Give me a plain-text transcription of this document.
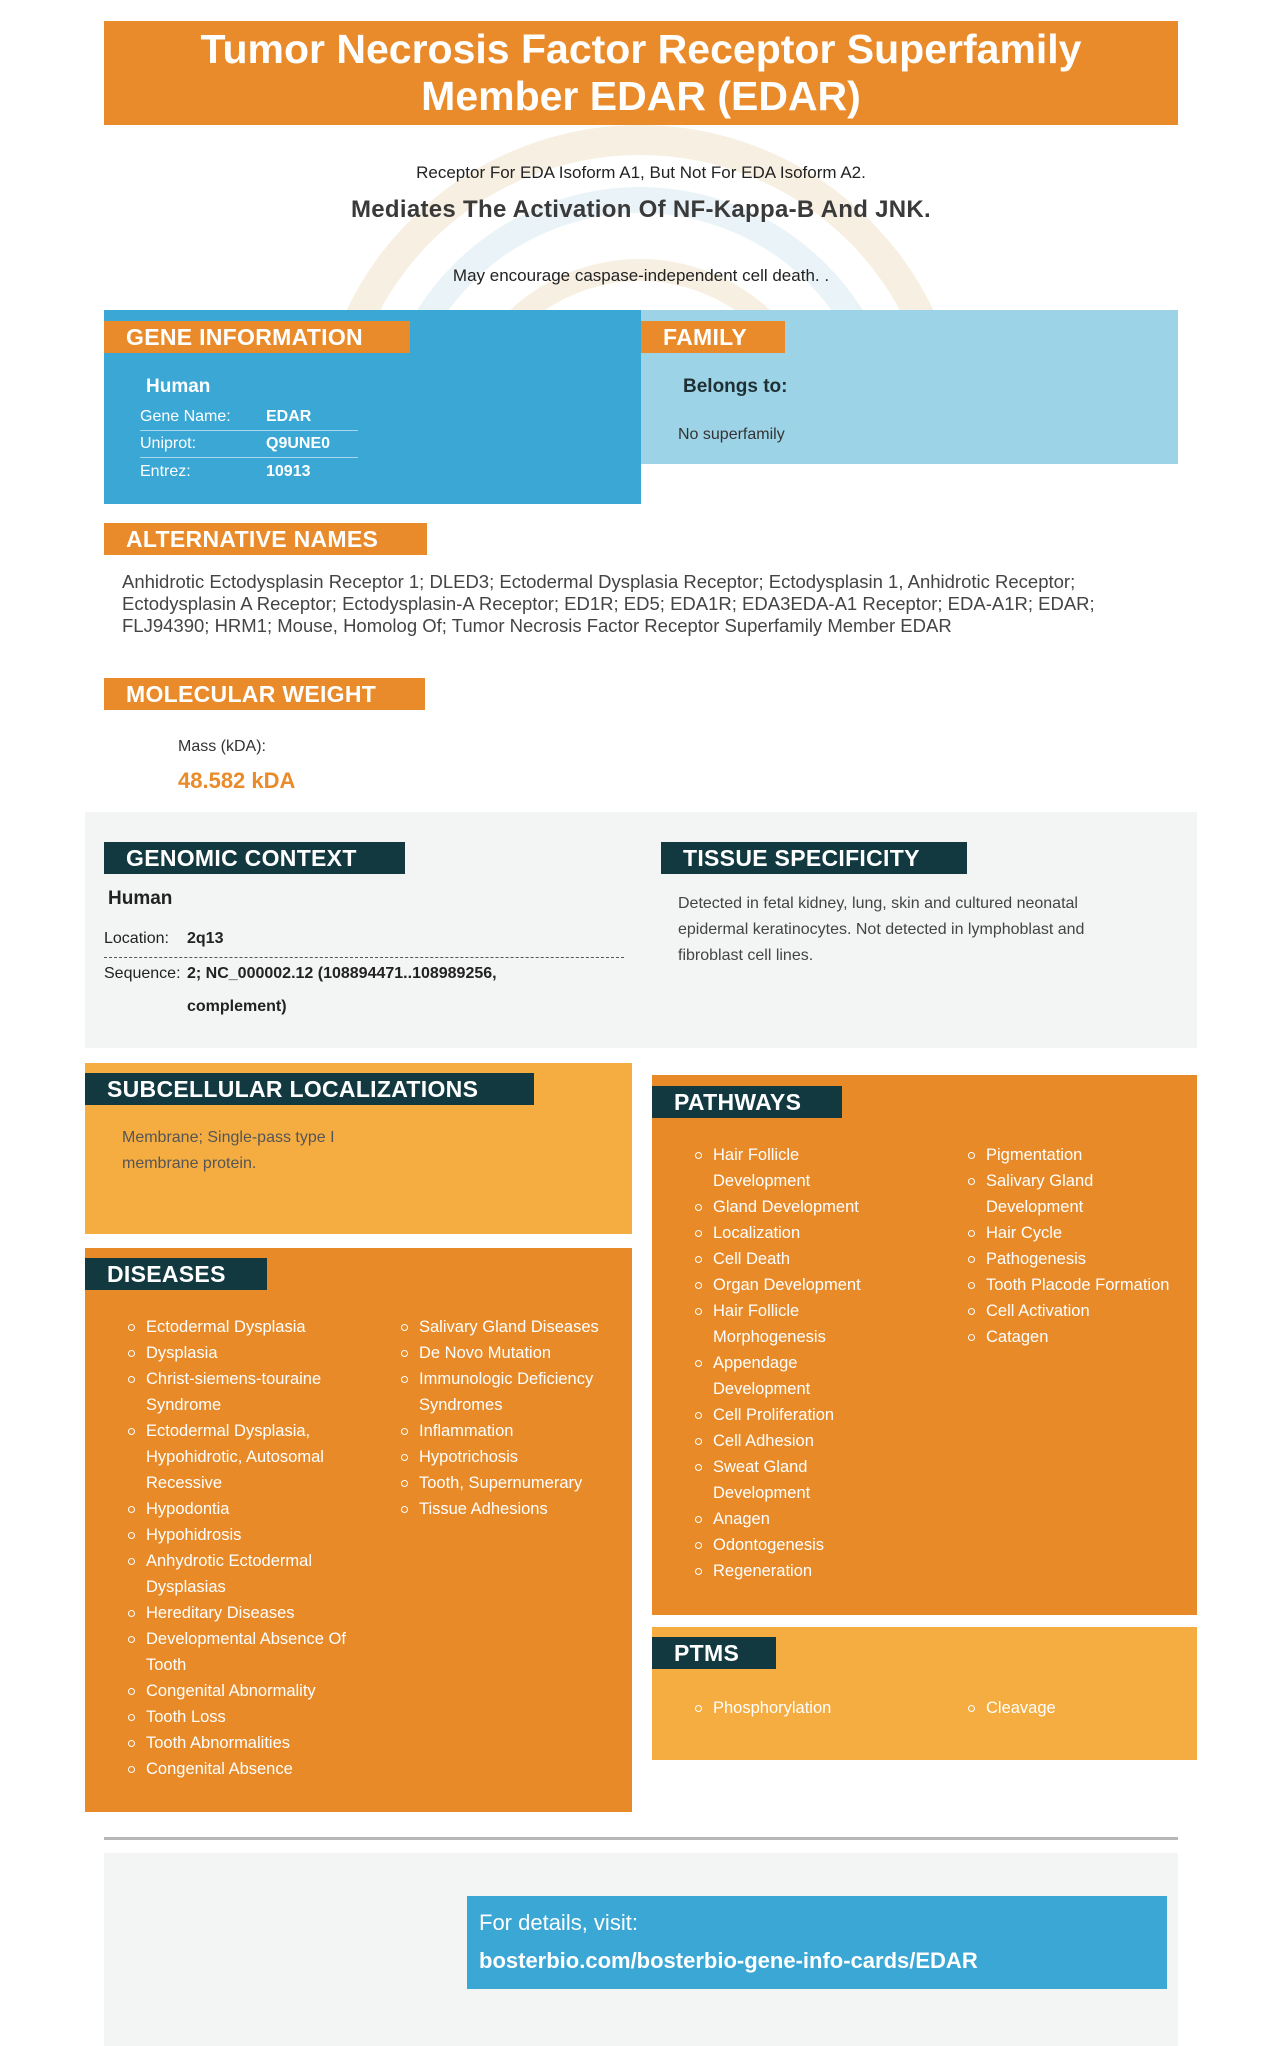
Tumor Necrosis Factor Receptor Superfamily Member EDAR (EDAR)
Receptor For EDA Isoform A1, But Not For EDA Isoform A2.
Mediates The Activation Of NF-Kappa-B And JNK.
May encourage caspase-independent cell death. .
Human
Gene Name:	EDAR
Uniprot:	Q9UNE0
Entrez:	10913
GENE INFORMATION
Belongs to:
No superfamily
FAMILY
ALTERNATIVE NAMES
Anhidrotic Ectodysplasin Receptor 1; DLED3; Ectodermal Dysplasia Receptor; Ectodysplasin 1, Anhidrotic Receptor; Ectodysplasin A Receptor; Ectodysplasin-A Receptor; ED1R; ED5; EDA1R; EDA3EDA-A1 Receptor; EDA-A1R; EDAR; FLJ94390; HRM1; Mouse, Homolog Of; Tumor Necrosis Factor Receptor Superfamily Member EDAR
MOLECULAR WEIGHT
Mass (kDA):
48.582 kDA
GENOMIC CONTEXT
Human
Location: 2q13
Sequence: 2; NC_000002.12 (108894471..108989256, complement)
TISSUE SPECIFICITY
Detected in fetal kidney, lung, skin and cultured neonatal epidermal keratinocytes. Not detected in lymphoblast and fibroblast cell lines.
SUBCELLULAR LOCALIZATIONS
Membrane; Single-pass type I membrane protein.
DISEASES
Ectodermal Dysplasia
Dysplasia
Christ-siemens-touraine Syndrome
Ectodermal Dysplasia, Hypohidrotic, Autosomal Recessive
Hypodontia
Hypohidrosis
Anhydrotic Ectodermal Dysplasias
Hereditary Diseases
Developmental Absence Of Tooth
Congenital Abnormality
Tooth Loss
Tooth Abnormalities
Congenital Absence
Salivary Gland Diseases
De Novo Mutation
Immunologic Deficiency Syndromes
Inflammation
Hypotrichosis
Tooth, Supernumerary
Tissue Adhesions
PATHWAYS
Hair Follicle Development
Gland Development
Localization
Cell Death
Organ Development
Hair Follicle Morphogenesis
Appendage Development
Cell Proliferation
Cell Adhesion
Sweat Gland Development
Anagen
Odontogenesis
Regeneration
Pigmentation
Salivary Gland Development
Hair Cycle
Pathogenesis
Tooth Placode Formation
Cell Activation
Catagen
PTMS
Phosphorylation	Cleavage
For details, visit:
bosterbio.com/bosterbio-gene-info-cards/EDAR
